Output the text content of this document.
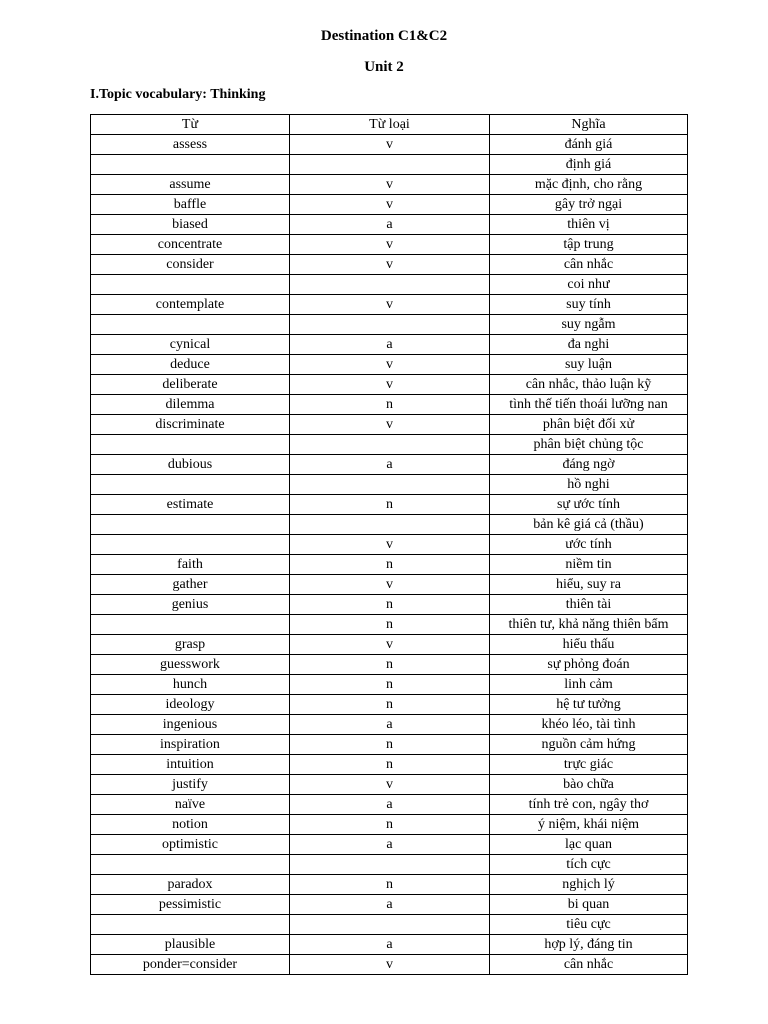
Destination C1&C2
Unit 2
I.Topic vocabulary: Thinking
Từ	Từ loại	Nghĩa
assess	v	đánh giá
		định giá
assume	v	mặc định, cho rằng
baffle	v	gây trở ngại
biased	a	thiên vị
concentrate	v	tập trung
consider	v	cân nhắc
		coi như
contemplate	v	suy tính
		suy ngẫm
cynical	a	đa nghi
deduce	v	suy luận
deliberate	v	cân nhắc, thảo luận kỹ
dilemma	n	tình thế tiến thoái lưỡng nan
discriminate	v	phân biệt đối xử
		phân biệt chủng tộc
dubious	a	đáng ngờ
		hồ nghi
estimate	n	sự ước tính
		bản kê giá cả (thầu)
	v	ước tính
faith	n	niềm tin
gather	v	hiểu, suy ra
genius	n	thiên tài
	n	thiên tư, khả năng thiên bẩm
grasp	v	hiểu thấu
guesswork	n	sự phỏng đoán
hunch	n	linh cảm
ideology	n	hệ tư tưởng
ingenious	a	khéo léo, tài tình
inspiration	n	nguồn cảm hứng
intuition	n	trực giác
justify	v	bào chữa
naïve	a	tính trẻ con, ngây thơ
notion	n	ý niệm, khái niệm
optimistic	a	lạc quan
		tích cực
paradox	n	nghịch lý
pessimistic	a	bi quan
		tiêu cực
plausible	a	hợp lý, đáng tin
ponder=consider	v	cân nhắc
